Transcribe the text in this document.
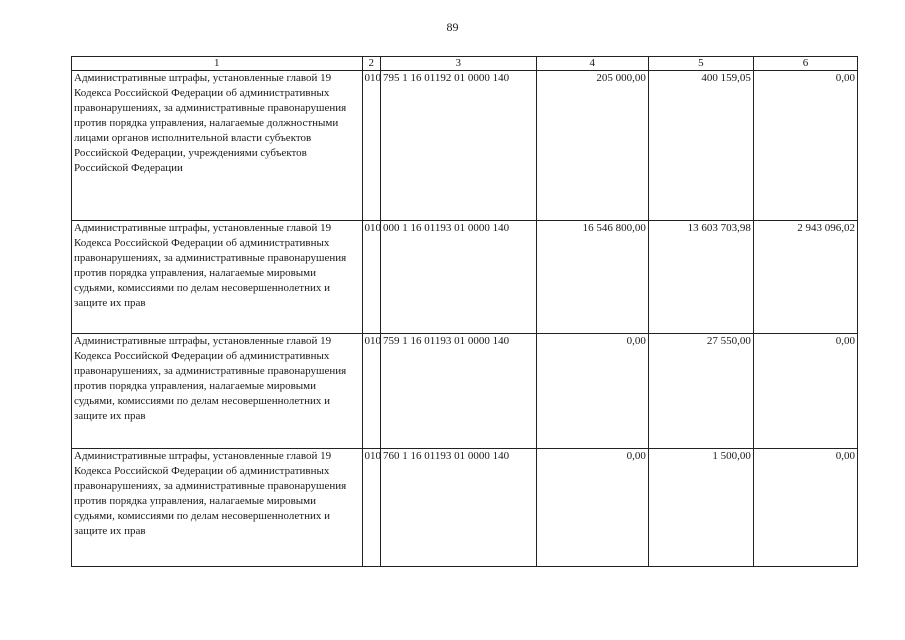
89
1	2	3	4	5	6
Административные штрафы, установленные главой 19 Кодекса Российской Федерации об административных правонарушениях, за административные правонарушения против порядка управления, налагаемые должностными лицами органов исполнительной власти субъектов Российской Федерации, учреждениями субъектов Российской Федерации	010	795 1 16 01192 01 0000 140	205 000,00	400 159,05	0,00
Административные штрафы, установленные главой 19 Кодекса Российской Федерации об административных правонарушениях, за административные правонарушения против порядка управления, налагаемые мировыми судьями, комиссиями по делам несовершеннолетних и защите их прав	010	000 1 16 01193 01 0000 140	16 546 800,00	13 603 703,98	2 943 096,02
Административные штрафы, установленные главой 19 Кодекса Российской Федерации об административных правонарушениях, за административные правонарушения против порядка управления, налагаемые мировыми судьями, комиссиями по делам несовершеннолетних и защите их прав	010	759 1 16 01193 01 0000 140	0,00	27 550,00	0,00
Административные штрафы, установленные главой 19 Кодекса Российской Федерации об административных правонарушениях, за административные правонарушения против порядка управления, налагаемые мировыми судьями, комиссиями по делам несовершеннолетних и защите их прав	010	760 1 16 01193 01 0000 140	0,00	1 500,00	0,00
